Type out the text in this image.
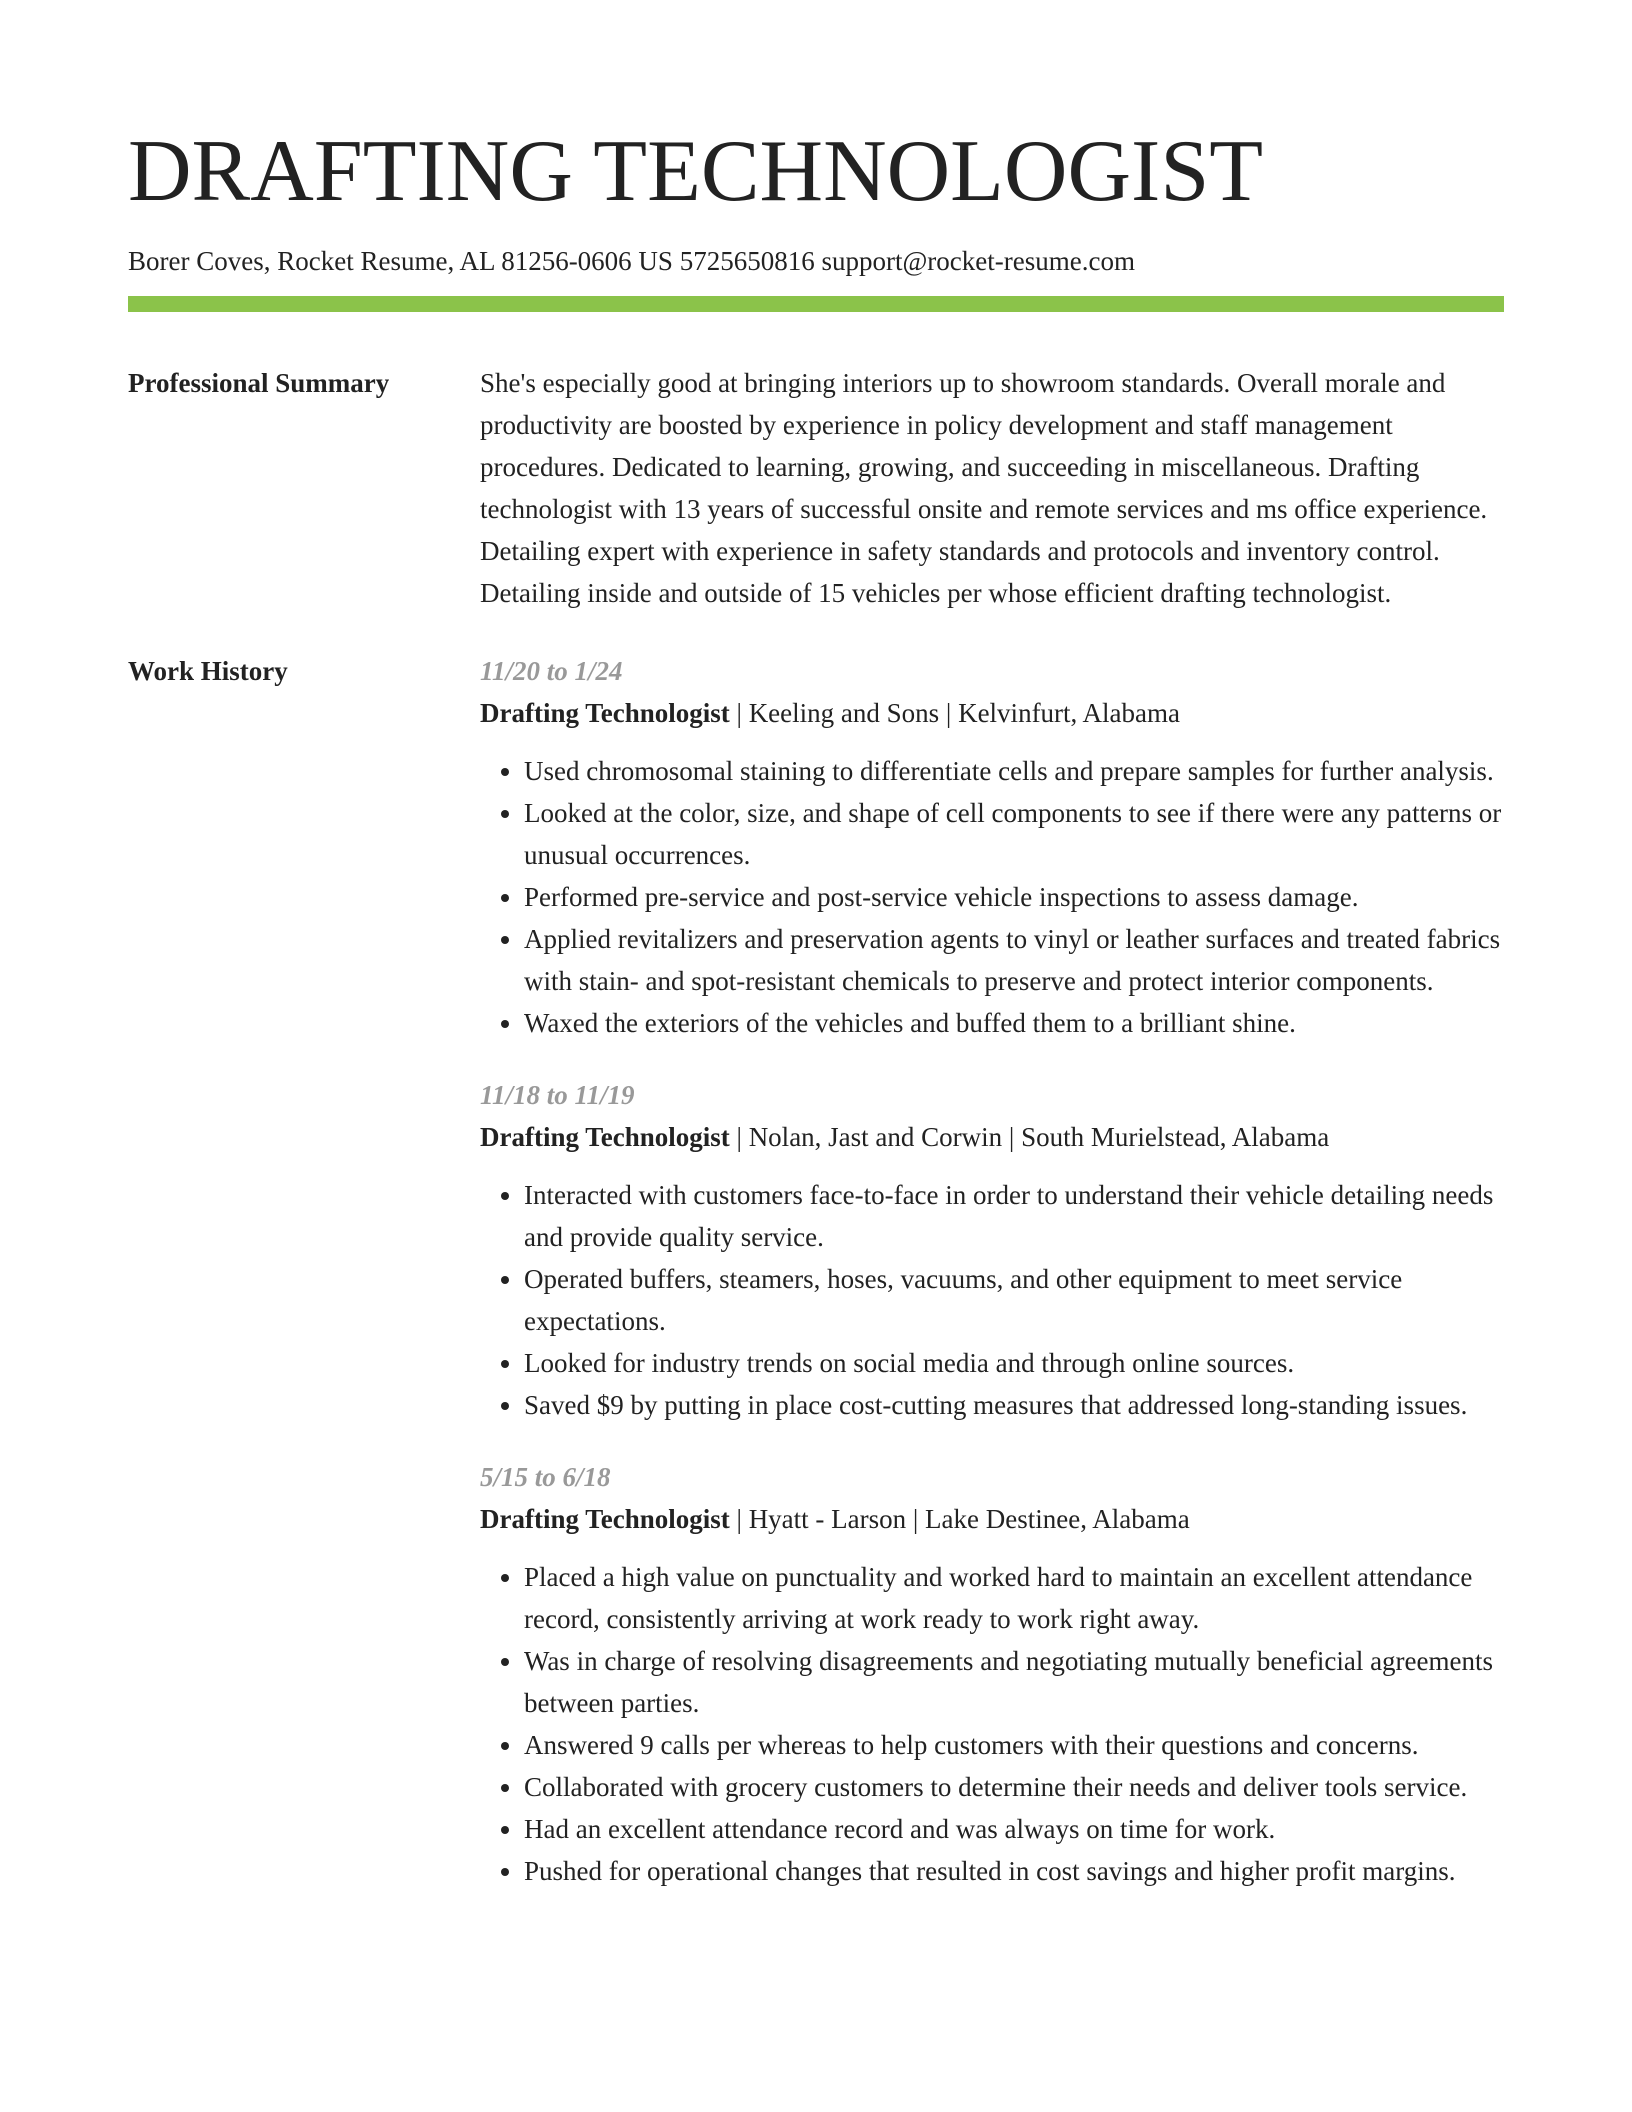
DRAFTING TECHNOLOGIST
Borer Coves, Rocket Resume, AL 81256-0606 US 5725650816 support@rocket-resume.com
Professional Summary	She's especially good at bringing interiors up to showroom standards. Overall morale and productivity are boosted by experience in policy development and staff management procedures. Dedicated to learning, growing, and succeeding in miscellaneous. Drafting technologist with 13 years of successful onsite and remote services and ms office experience. Detailing expert with experience in safety standards and protocols and inventory control. Detailing inside and outside of 15 vehicles per whose efficient drafting technologist.

Work History	11/20 to 1/24
Drafting Technologist | Keeling and Sons | Kelvinfurt, Alabama
• Used chromosomal staining to differentiate cells and prepare samples for further analysis.
• Looked at the color, size, and shape of cell components to see if there were any patterns or unusual occurrences.
• Performed pre-service and post-service vehicle inspections to assess damage.
• Applied revitalizers and preservation agents to vinyl or leather surfaces and treated fabrics with stain- and spot-resistant chemicals to preserve and protect interior components.
• Waxed the exteriors of the vehicles and buffed them to a brilliant shine.
11/18 to 11/19
Drafting Technologist | Nolan, Jast and Corwin | South Murielstead, Alabama
• Interacted with customers face-to-face in order to understand their vehicle detailing needs and provide quality service.
• Operated buffers, steamers, hoses, vacuums, and other equipment to meet service expectations.
• Looked for industry trends on social media and through online sources.
• Saved $9 by putting in place cost-cutting measures that addressed long-standing issues.
5/15 to 6/18
Drafting Technologist | Hyatt - Larson | Lake Destinee, Alabama
• Placed a high value on punctuality and worked hard to maintain an excellent attendance record, consistently arriving at work ready to work right away.
• Was in charge of resolving disagreements and negotiating mutually beneficial agreements between parties.
• Answered 9 calls per whereas to help customers with their questions and concerns.
• Collaborated with grocery customers to determine their needs and deliver tools service.
• Had an excellent attendance record and was always on time for work.
• Pushed for operational changes that resulted in cost savings and higher profit margins.
